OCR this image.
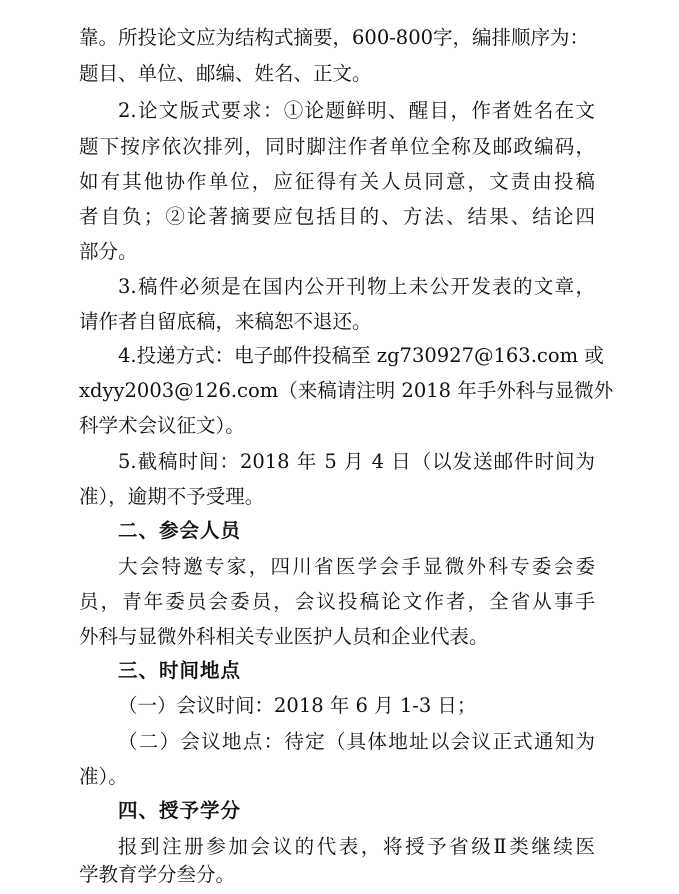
靠。所投论文应为结构式摘要，600-800字，编排顺序为：
题目、单位、邮编、姓名、正文。
2.论文版式要求：①论题鲜明、醒目，作者姓名在文
题下按序依次排列，同时脚注作者单位全称及邮政编码，
如有其他协作单位，应征得有关人员同意，文责由投稿
者自负；②论著摘要应包括目的、方法、结果、结论四
部分。
3.稿件必须是在国内公开刊物上未公开发表的文章，
请作者自留底稿，来稿恕不退还。
4.投递方式：电子邮件投稿至 zg730927@163.com 或
xdyy2003@126.com（来稿请注明 2018 年手外科与显微外
科学术会议征文）。
5.截稿时间：2018 年 5 月 4 日（以发送邮件时间为
准），逾期不予受理。
二、参会人员
大会特邀专家，四川省医学会手显微外科专委会委
员，青年委员会委员，会议投稿论文作者，全省从事手
外科与显微外科相关专业医护人员和企业代表。
三、时间地点
（一）会议时间：2018 年 6 月 1-3 日；
（二）会议地点：待定（具体地址以会议正式通知为
准）。
四、授予学分
报到注册参加会议的代表，将授予省级Ⅱ类继续医
学教育学分叁分。
